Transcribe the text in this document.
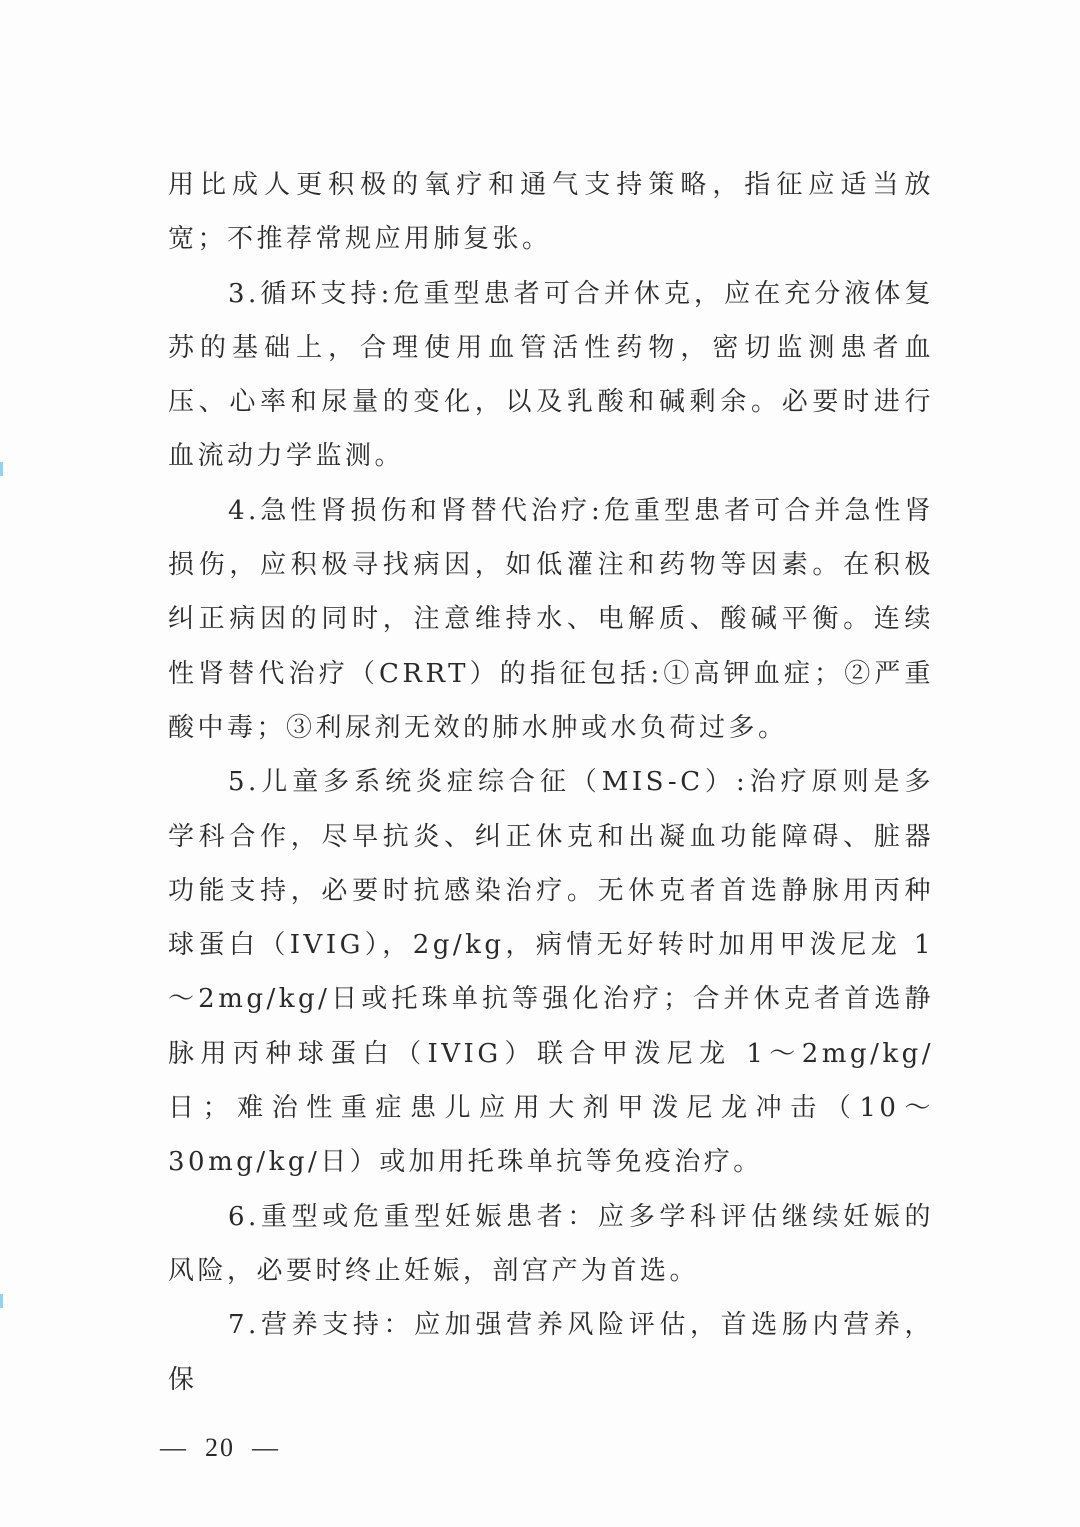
用比成人更积极的氧疗和通气支持策略，指征应适当放宽；不推荐常规应用肺复张。

3.循环支持:危重型患者可合并休克，应在充分液体复苏的基础上，合理使用血管活性药物，密切监测患者血压、心率和尿量的变化，以及乳酸和碱剩余。必要时进行血流动力学监测。

4.急性肾损伤和肾替代治疗:危重型患者可合并急性肾损伤，应积极寻找病因，如低灌注和药物等因素。在积极纠正病因的同时，注意维持水、电解质、酸碱平衡。连续性肾替代治疗（CRRT）的指征包括:①高钾血症；②严重酸中毒；③利尿剂无效的肺水肿或水负荷过多。

5.儿童多系统炎症综合征（MIS-C）:治疗原则是多学科合作，尽早抗炎、纠正休克和出凝血功能障碍、脏器功能支持，必要时抗感染治疗。无休克者首选静脉用丙种球蛋白（IVIG），2g/kg，病情无好转时加用甲泼尼龙 1～2mg/kg/日或托珠单抗等强化治疗；合并休克者首选静脉用丙种球蛋白（IVIG）联合甲泼尼龙 1～2mg/kg/日；难治性重症患儿应用大剂甲泼尼龙冲击（10～30mg/kg/日）或加用托珠单抗等免疫治疗。

6.重型或危重型妊娠患者：应多学科评估继续妊娠的风险，必要时终止妊娠，剖宫产为首选。

7.营养支持：应加强营养风险评估，首选肠内营养，保

—  20  —
